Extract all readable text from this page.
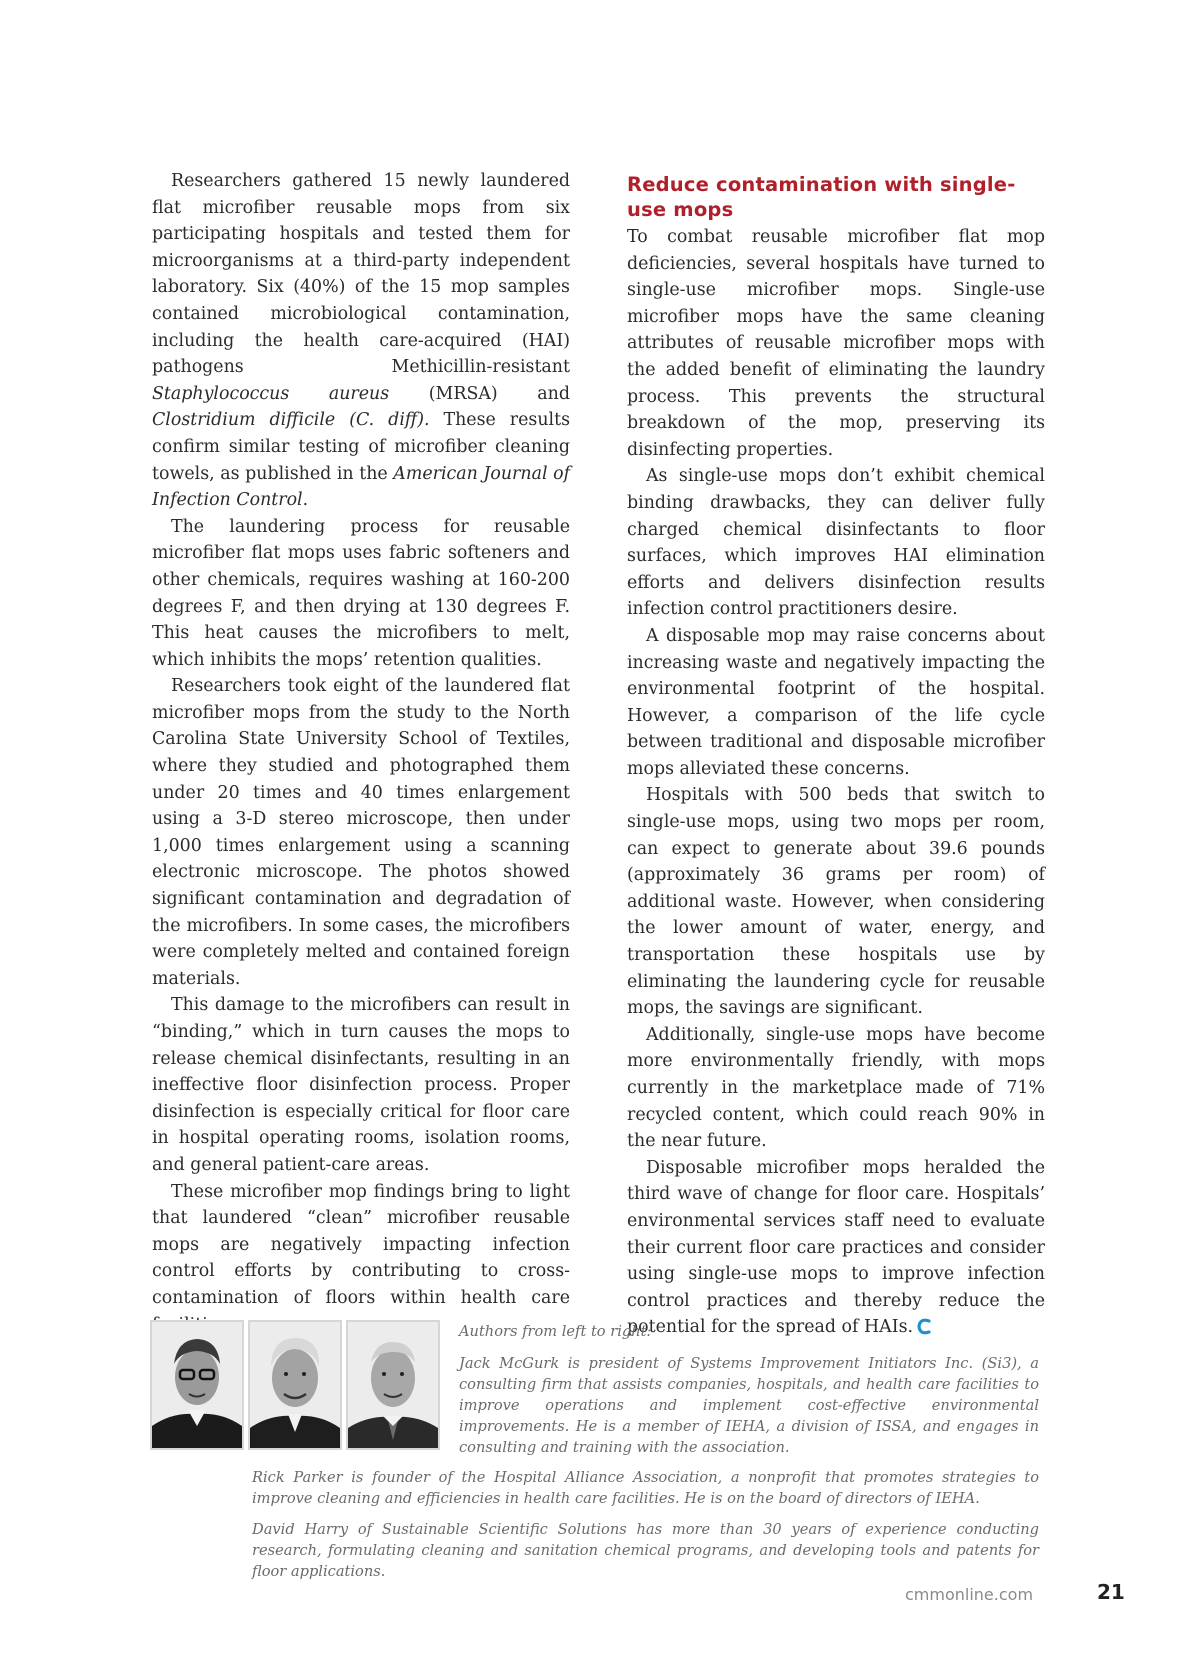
Researchers gathered 15 newly laundered flat microfiber reusable mops from six participating hospitals and tested them for microorganisms at a third-party independent laboratory. Six (40%) of the 15 mop samples contained microbiological contamination, including the health care-acquired (HAI) pathogens Methicillin-resistant Staphylococcus aureus (MRSA) and Clostridium difficile (C. diff). These results confirm similar testing of microfiber cleaning towels, as published in the American Journal of Infection Control.

The laundering process for reusable microfiber flat mops uses fabric softeners and other chemicals, requires washing at 160-200 degrees F, and then drying at 130 degrees F. This heat causes the microfibers to melt, which inhibits the mops’ retention qualities.

Researchers took eight of the laundered flat microfiber mops from the study to the North Carolina State University School of Textiles, where they studied and photographed them under 20 times and 40 times enlargement using a 3-D stereo microscope, then under 1,000 times enlargement using a scanning electronic microscope. The photos showed significant contamination and degradation of the microfibers. In some cases, the microfibers were completely melted and contained foreign materials.

This damage to the microfibers can result in “binding,” which in turn causes the mops to release chemical disinfectants, resulting in an ineffective floor disinfection process. Proper disinfection is especially critical for floor care in hospital operating rooms, isolation rooms, and general patient-care areas.

These microfiber mop findings bring to light that laundered “clean” microfiber reusable mops are negatively impacting infection control efforts by contributing to cross-contamination of floors within health care

Reduce contamination with single-use mops

To combat reusable microfiber flat mop deficiencies, several hospitals have turned to single-use microfiber mops. Single-use microfiber mops have the same cleaning attributes of reusable microfiber mops with the added benefit of eliminating the laundry process. This prevents the structural breakdown of the mop, preserving its disinfecting properties.

As single-use mops don’t exhibit chemical binding drawbacks, they can deliver fully charged chemical disinfectants to floor surfaces, which improves HAI elimination efforts and delivers disinfection results infection control practitioners desire.

A disposable mop may raise concerns about increasing waste and negatively impacting the environmental footprint of the hospital. However, a comparison of the life cycle between traditional and disposable microfiber mops alleviated these concerns.

Hospitals with 500 beds that switch to single-use mops, using two mops per room, can expect to generate about 39.6 pounds (approximately 36 grams per room) of additional waste. However, when considering the lower amount of water, energy, and transportation these hospitals use by eliminating the laundering cycle for reusable mops, the savings are significant.

Additionally, single-use mops have become more environmentally friendly, with mops currently in the marketplace made of 71% recycled content, which could reach 90% in the near future.

Disposable microfiber mops heralded the third wave of change for floor care. Hospitals’ environmental services staff need to evaluate their current floor care practices and consider using single-use mops to improve infection control practices and thereby reduce the potential for the spread of HAIs.

Authors from left to right:
Jack McGurk is president of Systems Improvement Initiators Inc. (Si3), a consulting firm that assists companies, hospitals, and health care facilities to improve operations and implement cost-effective environmental improvements. He is a member of IEHA, a division of ISSA, and engages in consulting and training with the association.
Rick Parker is founder of the Hospital Alliance Association, a nonprofit that promotes strategies to improve cleaning and efficiencies in health care facilities. He is on the board of directors of IEHA.
David Harry of Sustainable Scientific Solutions has more than 30 years of experience conducting research, formulating cleaning and sanitation chemical programs, and developing tools and patents for floor applications.
cmmonline.com	21
